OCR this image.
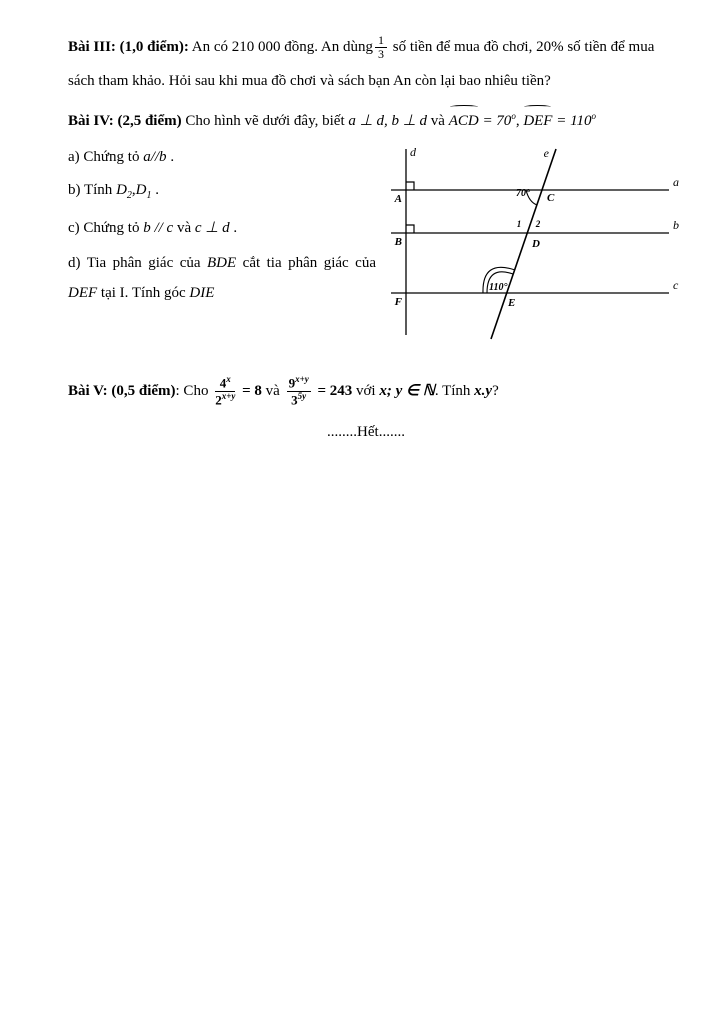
Bài III: (1,0 điểm): An có 210 000 đồng. An dùng $\frac{1}{3}$ số tiền để mua đồ chơi, 20% số tiền để mua sách tham khảo. Hỏi sau khi mua đồ chơi và sách bạn An còn lại bao nhiêu tiền?

Bài IV: (2,5 điểm) Cho hình vẽ dưới đây, biết a ⊥ d, b ⊥ d và ACD = $70^o$, DEF = $110^o$

a) Chứng tỏ a//b .
b) Tính $D_2,D_1$ .
c) Chứng tỏ b // c và c ⊥ d .
d) Tia phân giác của BDE cắt tia phân giác của DEF tại I. Tính góc DIE
d	e
a
b
c
A
B
F
C
D
E
70°
110°
1 2

Bài V: (0,5 điểm): Cho $\frac{4^x}{2^{x+y}} = 8$ và $\frac{9^{x+y}}{3^{5y}} = 243$ với x; y ∈ ℕ. Tính x.y?

........Hết.......
